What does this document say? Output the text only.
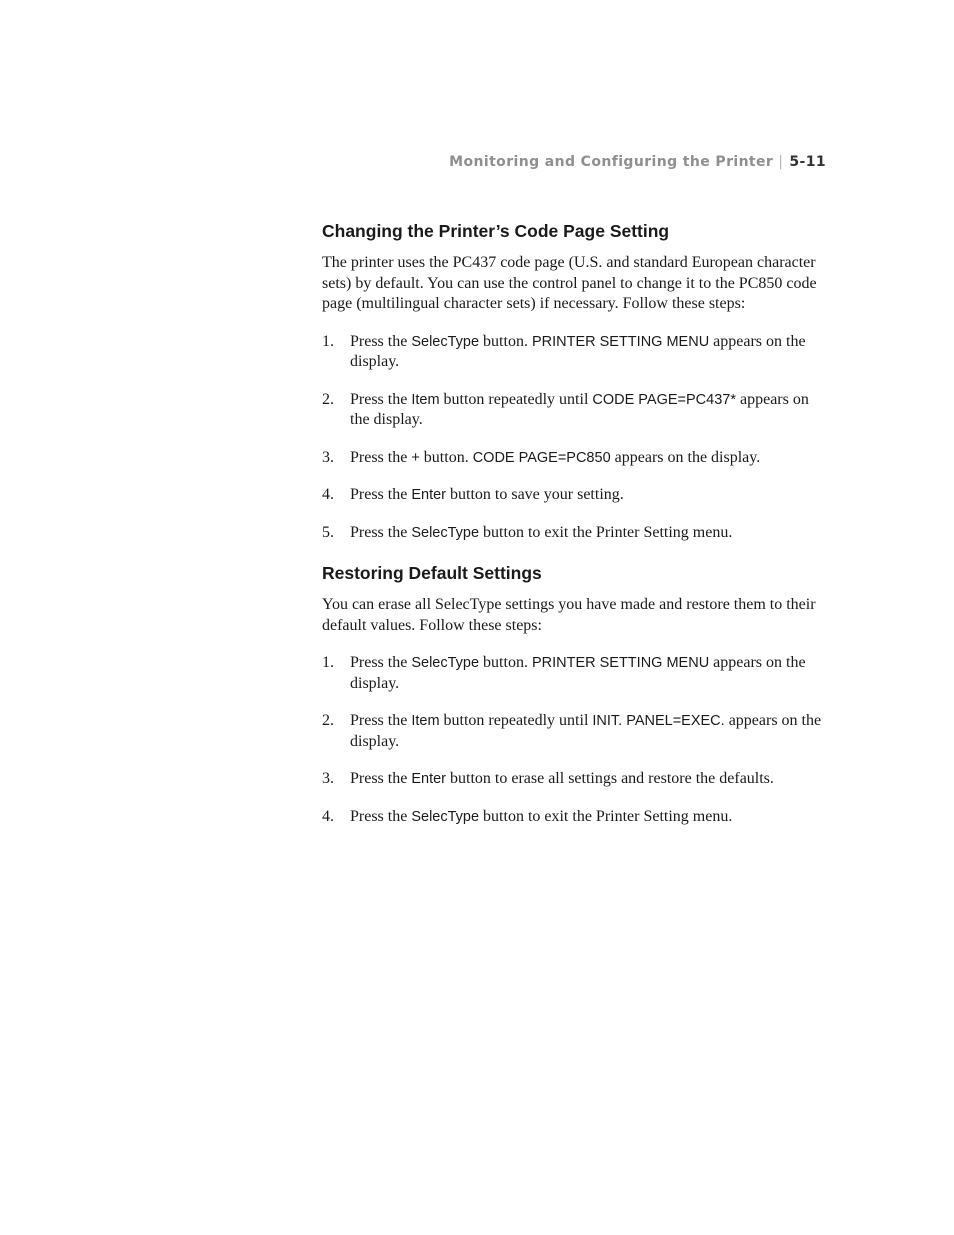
Monitoring and Configuring the Printer | 5-11
Changing the Printer’s Code Page Setting

The printer uses the PC437 code page (U.S. and standard European character sets) by default. You can use the control panel to change it to the PC850 code page (multilingual character sets) if necessary. Follow these steps:

1. Press the SelecType button. PRINTER SETTING MENU appears on the display.
2. Press the Item button repeatedly until CODE PAGE=PC437* appears on the display.
3. Press the + button. CODE PAGE=PC850 appears on the display.
4. Press the Enter button to save your setting.
5. Press the SelecType button to exit the Printer Setting menu.
Restoring Default Settings

You can erase all SelecType settings you have made and restore them to their default values. Follow these steps:

1. Press the SelecType button. PRINTER SETTING MENU appears on the display.
2. Press the Item button repeatedly until INIT. PANEL=EXEC. appears on the display.
3. Press the Enter button to erase all settings and restore the defaults.
4. Press the SelecType button to exit the Printer Setting menu.
